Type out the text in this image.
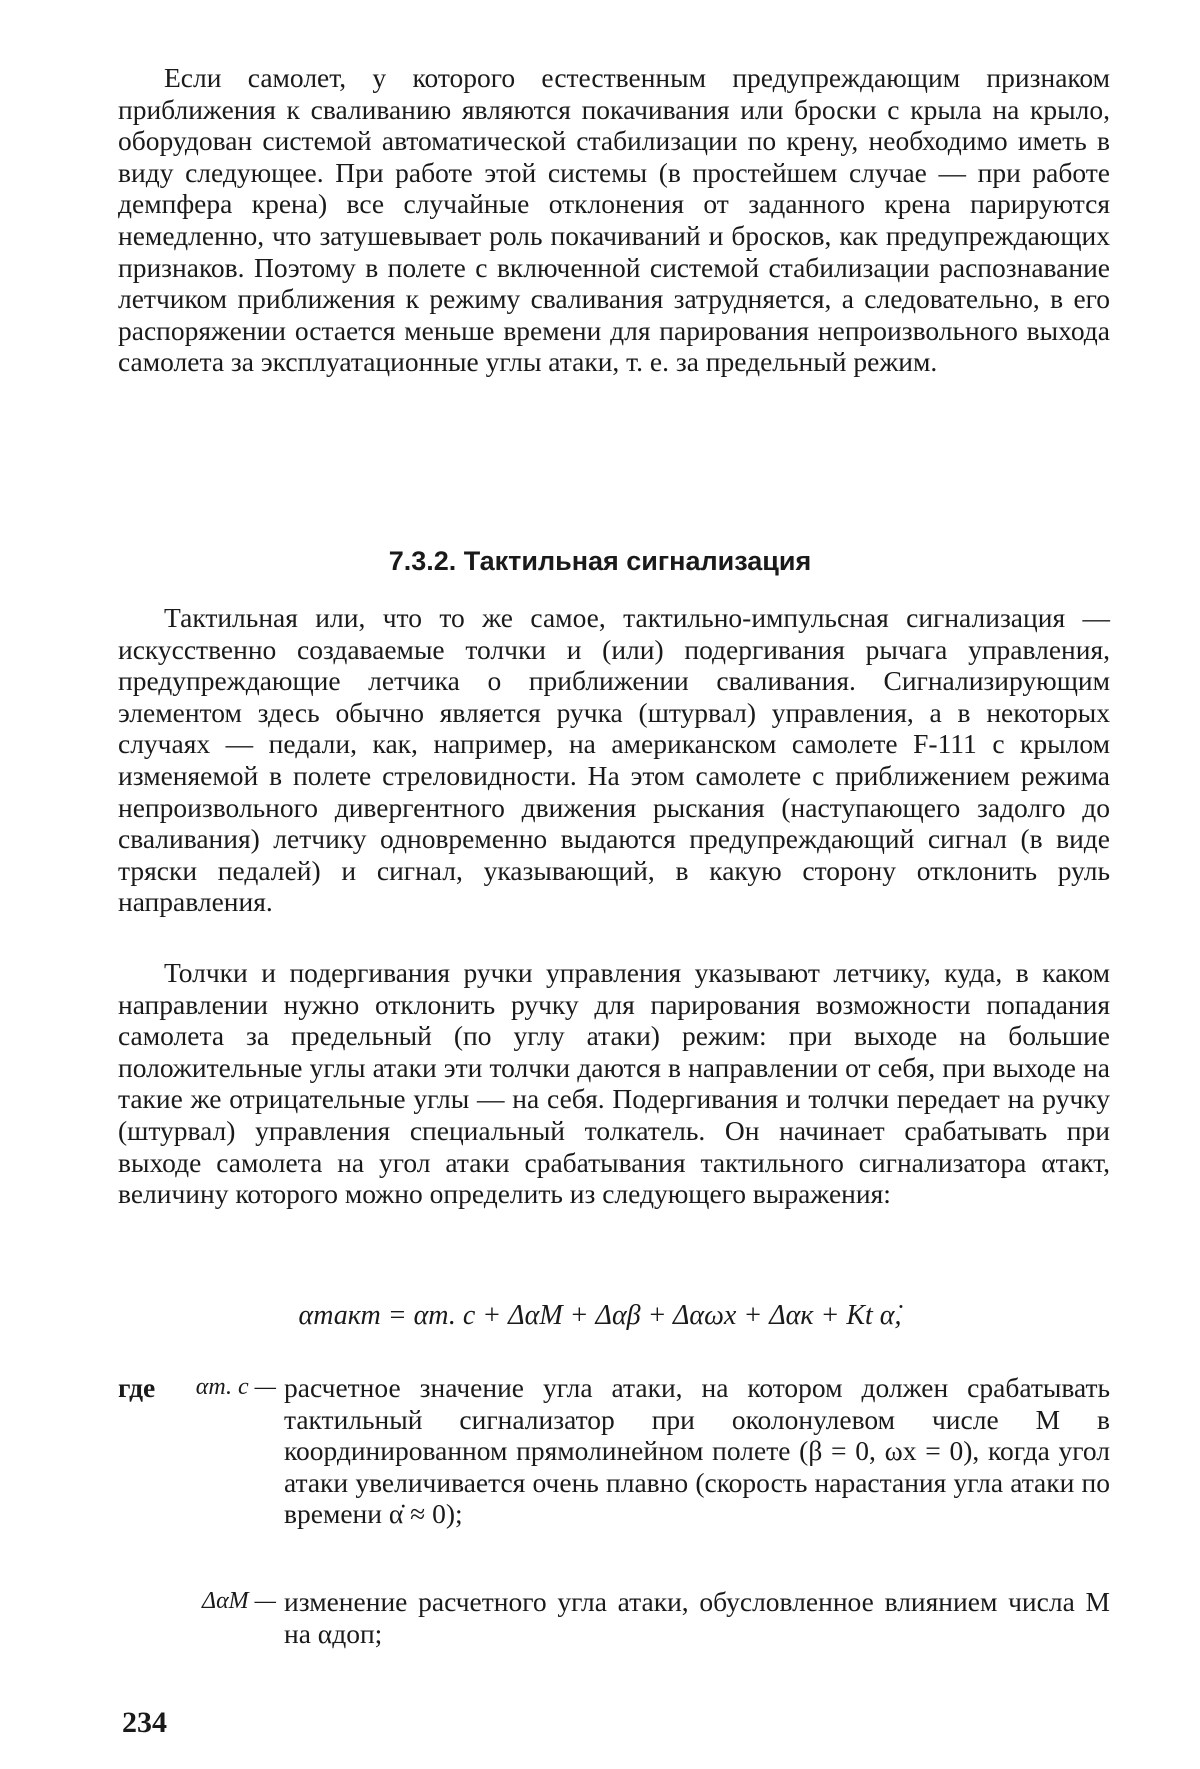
Если самолет, у которого естественным предупреждающим признаком приближения к сваливанию являются покачивания или броски с крыла на крыло, оборудован системой автоматической стабилизации по крену, необходимо иметь в виду следующее. При работе этой системы (в простейшем случае — при работе демпфера крена) все случайные отклонения от заданного крена парируются немедленно, что затушевывает роль покачиваний и бросков, как предупреждающих признаков. Поэтому в полете с включенной системой стабилизации распознавание летчиком приближения к режиму сваливания затрудняется, а следовательно, в его распоряжении остается меньше времени для парирования непроизвольного выхода самолета за эксплуатационные углы атаки, т. е. за предельный режим.

7.3.2. Тактильная сигнализация

Тактильная или, что то же самое, тактильно-импульсная сигнализация — искусственно создаваемые толчки и (или) подергивания рычага управления, предупреждающие летчика о приближении сваливания. Сигнализирующим элементом здесь обычно является ручка (штурвал) управления, а в некоторых случаях — педали, как, например, на американском самолете F-111 с крылом изменяемой в полете стреловидности. На этом самолете с приближением режима непроизвольного дивергентного движения рыскания (наступающего задолго до сваливания) летчику одновременно выдаются предупреждающий сигнал (в виде тряски педалей) и сигнал, указывающий, в какую сторону отклонить руль направления.

Толчки и подергивания ручки управления указывают летчику, куда, в каком направлении нужно отклонить ручку для парирования возможности попадания самолета за предельный (по углу атаки) режим: при выходе на большие положительные углы атаки эти толчки даются в направлении от себя, при выходе на такие же отрицательные углы — на себя. Подергивания и толчки передает на ручку (штурвал) управления специальный толкатель. Он начинает срабатывать при выходе самолета на угол атаки срабатывания тактильного сигнализатора αтакт, величину которого можно определить из следующего выражения:

αтакт = αт. с + ΔαM + Δαβ + Δαωx + Δαк + Kt α̇,
где	αт. с — расчетное значение угла атаки, на котором должен срабатывать тактильный сигнализатор при околонулевом числе М в координированном прямолинейном полете (β = 0, ωx = 0), когда угол атаки увеличивается очень плавно (скорость нарастания угла атаки по времени α̇ ≈ 0);
ΔαM — изменение расчетного угла атаки, обусловленное влиянием числа М на αдоп;
234
